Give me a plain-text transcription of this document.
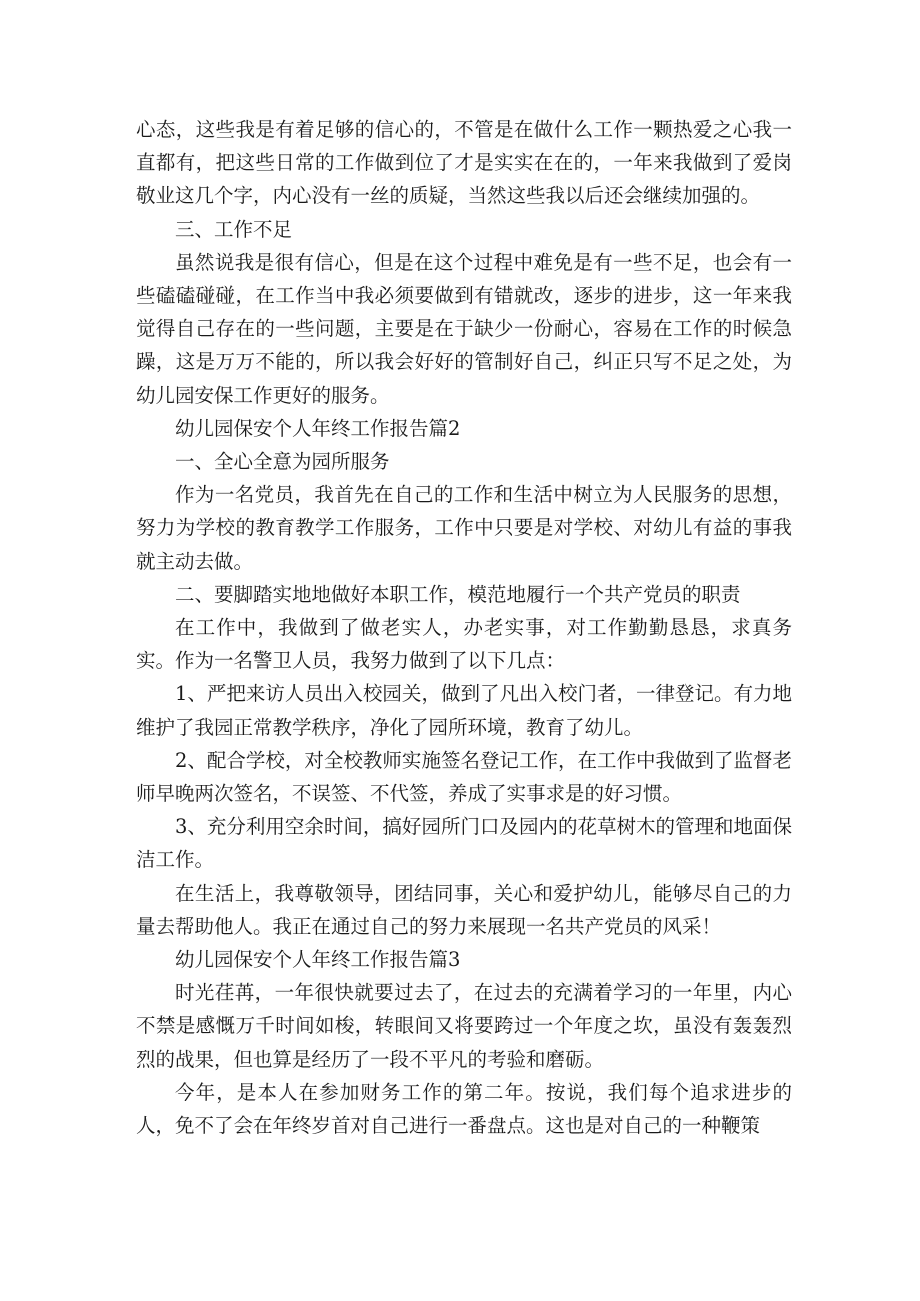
心态，这些我是有着足够的信心的，不管是在做什么工作一颗热爱之心我一直都有，把这些日常的工作做到位了才是实实在在的，一年来我做到了爱岗敬业这几个字，内心没有一丝的质疑，当然这些我以后还会继续加强的。

三、工作不足

虽然说我是很有信心，但是在这个过程中难免是有一些不足，也会有一些磕磕碰碰，在工作当中我必须要做到有错就改，逐步的进步，这一年来我觉得自己存在的一些问题，主要是在于缺少一份耐心，容易在工作的时候急躁，这是万万不能的，所以我会好好的管制好自己，纠正只写不足之处，为幼儿园安保工作更好的服务。

幼儿园保安个人年终工作报告篇2

一、全心全意为园所服务

作为一名党员，我首先在自己的工作和生活中树立为人民服务的思想，努力为学校的教育教学工作服务，工作中只要是对学校、对幼儿有益的事我就主动去做。

二、要脚踏实地地做好本职工作，模范地履行一个共产党员的职责

在工作中，我做到了做老实人，办老实事，对工作勤勤恳恳，求真务实。作为一名警卫人员，我努力做到了以下几点：

1、严把来访人员出入校园关，做到了凡出入校门者，一律登记。有力地维护了我园正常教学秩序，净化了园所环境，教育了幼儿。

2、配合学校，对全校教师实施签名登记工作，在工作中我做到了监督老师早晚两次签名，不误签、不代签，养成了实事求是的好习惯。

3、充分利用空余时间，搞好园所门口及园内的花草树木的管理和地面保洁工作。

在生活上，我尊敬领导，团结同事，关心和爱护幼儿，能够尽自己的力量去帮助他人。我正在通过自己的努力来展现一名共产党员的风采！

幼儿园保安个人年终工作报告篇3

时光荏苒，一年很快就要过去了，在过去的充满着学习的一年里，内心不禁是感慨万千时间如梭，转眼间又将要跨过一个年度之坎，虽没有轰轰烈烈的战果，但也算是经历了一段不平凡的考验和磨砺。

今年，是本人在参加财务工作的第二年。按说，我们每个追求进步的人，免不了会在年终岁首对自己进行一番盘点。这也是对自己的一种鞭策
